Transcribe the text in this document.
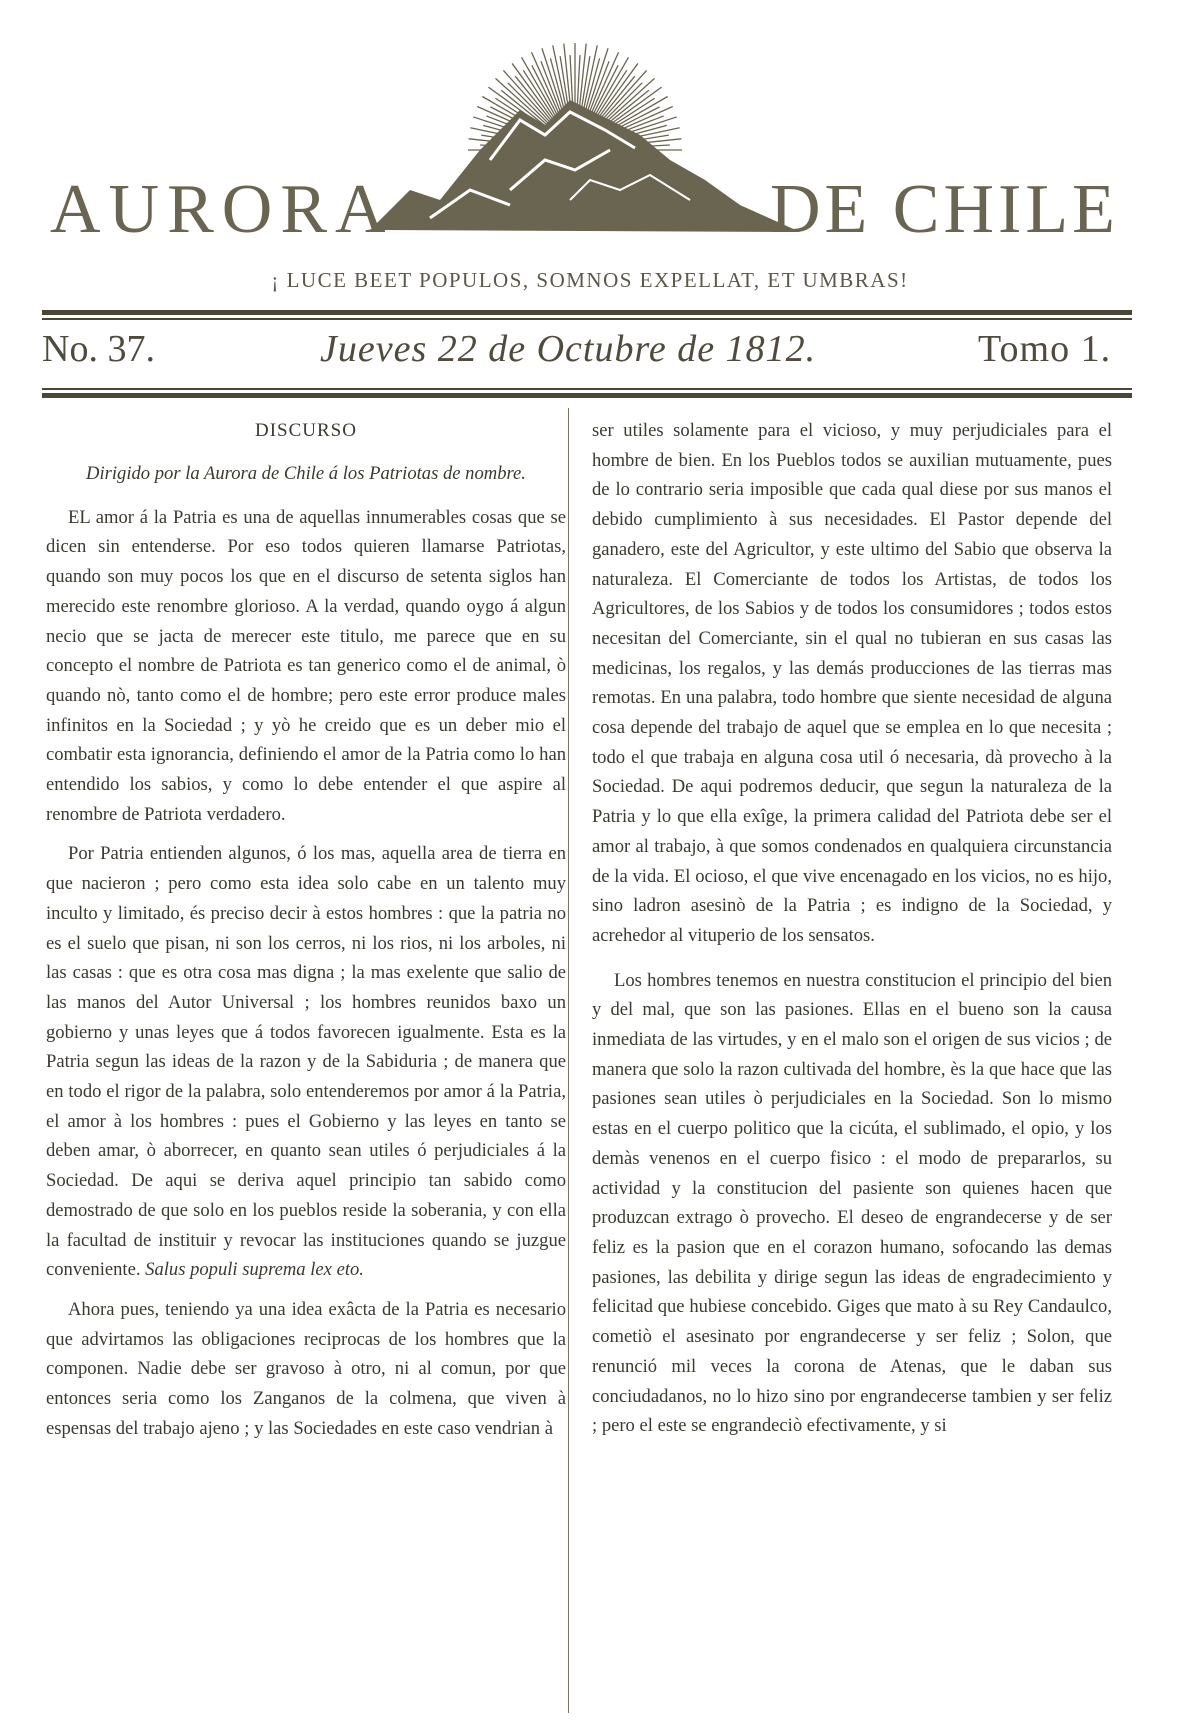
AURORA	DE CHILE
¡ LUCE BEET POPULOS, SOMNOS EXPELLAT, ET UMBRAS!
No. 37.	Jueves 22 de Octubre de 1812.	Tomo 1.
DISCURSO
Dirigido por la Aurora de Chile á los Patriotas de nombre.

EL amor á la Patria es una de aquellas innumerables cosas que se dicen sin entenderse. Por eso todos quieren llamarse Patriotas, quando son muy pocos los que en el discurso de setenta siglos han merecido este renombre glorioso. A la verdad, quando oygo á algun necio que se jacta de merecer este titulo, me parece que en su concepto el nombre de Patriota es tan generico como el de animal, ò quando nò, tanto como el de hombre; pero este error produce males infinitos en la Sociedad ; y yò he creido que es un deber mio el combatir esta ignorancia, definiendo el amor de la Patria como lo han entendido los sabios, y como lo debe entender el que aspire al renombre de Patriota verdadero.

Por Patria entienden algunos, ó los mas, aquella area de tierra en que nacieron ; pero como esta idea solo cabe en un talento muy inculto y limitado, és preciso decir à estos hombres : que la patria no es el suelo que pisan, ni son los cerros, ni los rios, ni los arboles, ni las casas : que es otra cosa mas digna ; la mas exelente que salio de las manos del Autor Universal ; los hombres reunidos baxo un gobierno y unas leyes que á todos favorecen igualmente. Esta es la Patria segun las ideas de la razon y de la Sabiduria ; de manera que en todo el rigor de la palabra, solo entenderemos por amor á la Patria, el amor à los hombres : pues el Gobierno y las leyes en tanto se deben amar, ò aborrecer, en quanto sean utiles ó perjudiciales á la Sociedad. De aqui se deriva aquel principio tan sabido como demostrado de que solo en los pueblos reside la soberania, y con ella la facultad de instituir y revocar las instituciones quando se juzgue conveniente. Salus populi suprema lex eto.

Ahora pues, teniendo ya una idea exâcta de la Patria es necesario que advirtamos las obligaciones reciprocas de los hombres que la componen. Nadie debe ser gravoso à otro, ni al comun, por que entonces seria como los Zanganos de la colmena, que viven à espensas del trabajo ajeno ; y las Sociedades en este caso vendrian à

ser utiles solamente para el vicioso, y muy perjudiciales para el hombre de bien. En los Pueblos todos se auxilian mutuamente, pues de lo contrario seria imposible que cada qual diese por sus manos el debido cumplimiento à sus necesidades. El Pastor depende del ganadero, este del Agricultor, y este ultimo del Sabio que observa la naturaleza. El Comerciante de todos los Artistas, de todos los Agricultores, de los Sabios y de todos los consumidores ; todos estos necesitan del Comerciante, sin el qual no tubieran en sus casas las medicinas, los regalos, y las demás producciones de las tierras mas remotas. En una palabra, todo hombre que siente necesidad de alguna cosa depende del trabajo de aquel que se emplea en lo que necesita ; todo el que trabaja en alguna cosa util ó necesaria, dà provecho à la Sociedad. De aqui podremos deducir, que segun la naturaleza de la Patria y lo que ella exîge, la primera calidad del Patriota debe ser el amor al trabajo, à que somos condenados en qualquiera circunstancia de la vida. El ocioso, el que vive encenagado en los vicios, no es hijo, sino ladron asesinò de la Patria ; es indigno de la Sociedad, y acrehedor al vituperio de los sensatos.

Los hombres tenemos en nuestra constitucion el principio del bien y del mal, que son las pasiones. Ellas en el bueno son la causa inmediata de las virtudes, y en el malo son el origen de sus vicios ; de manera que solo la razon cultivada del hombre, ès la que hace que las pasiones sean utiles ò perjudiciales en la Sociedad. Son lo mismo estas en el cuerpo politico que la cicúta, el sublimado, el opio, y los demàs venenos en el cuerpo fisico : el modo de prepararlos, su actividad y la constitucion del pasiente son quienes hacen que produzcan extrago ò provecho. El deseo de engrandecerse y de ser feliz es la pasion que en el corazon humano, sofocando las demas pasiones, las debilita y dirige segun las ideas de engradecimiento y felicitad que hubiese concebido. Giges que mato à su Rey Candaulco, cometiò el asesinato por engrandecerse y ser feliz ; Solon, que renunció mil veces la corona de Atenas, que le daban sus conciudadanos, no lo hizo sino por engrandecerse tambien y ser feliz ; pero el este se engrandeciò efectivamente, y si
